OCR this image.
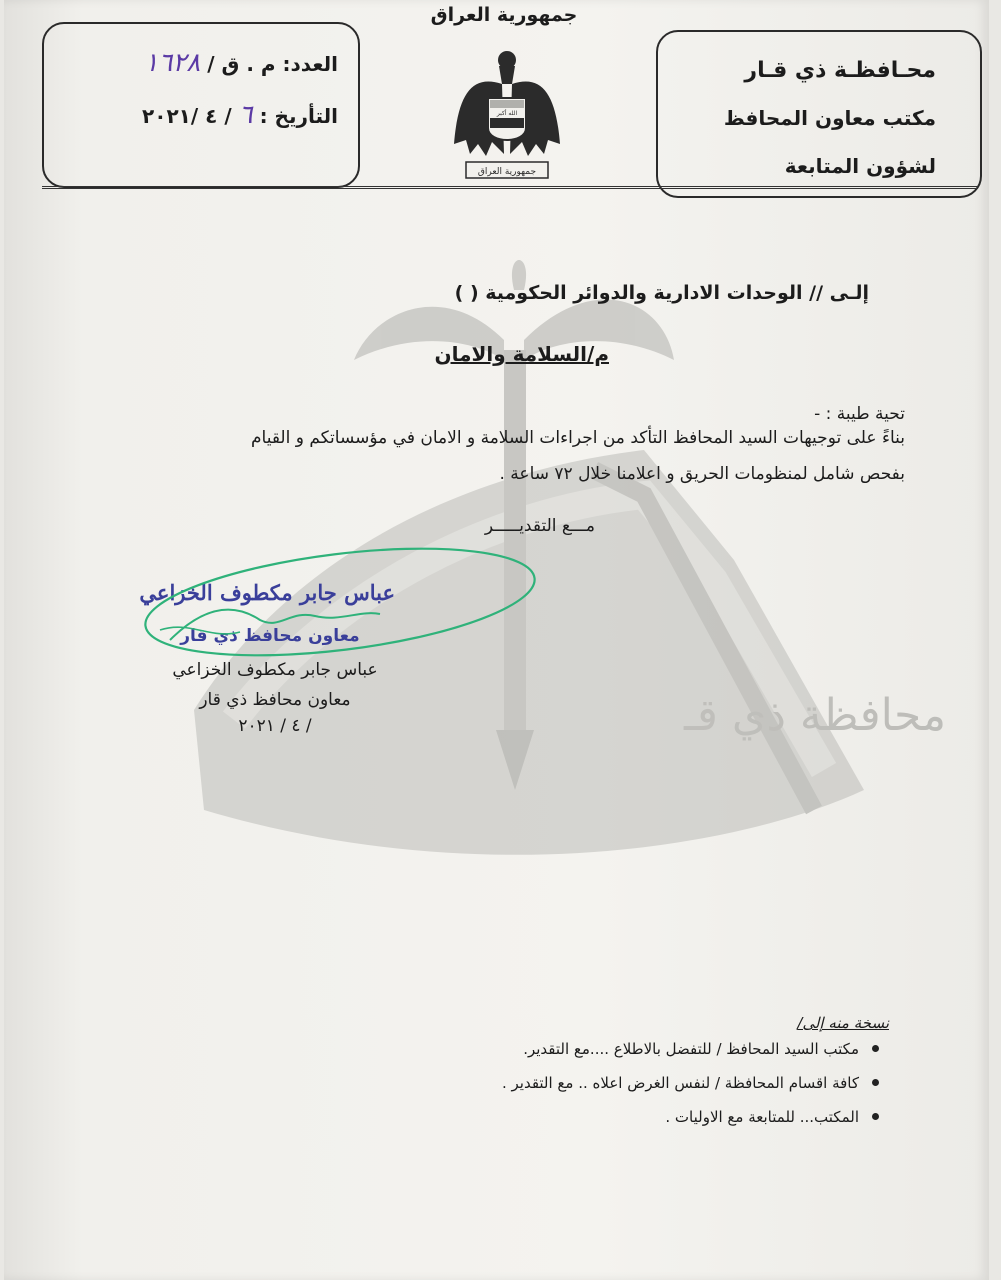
محافظة ذي قـ
جمهورية العراق
محـافظـة ذي قـار
مكتب معاون المحافظ
لشؤون المتابعة
الله أكبر
جمهورية العراق
العدد: م . ق / ١٦٢٨
التأريخ : ٦ / ٤ /٢٠٢١
إلـى // الوحدات الادارية والدوائر الحكومية ( )
م/السلامة والامان
تحية طيبة : -
بناءً على توجيهات السيد المحافظ التأكد من اجراءات السلامة و الامان في مؤسساتكم و القيام
بفحص شامل لمنظومات الحريق و اعلامنا خلال ٧٢ ساعة .
مـــع التقديـــــر
عباس جابر مكطوف الخزاعي
معاون محافظ ذي قار
عباس جابر مكطوف الخزاعي
معاون محافظ ذي قار
/ ٤ / ٢٠٢١
نسخة منه إلى/
مكتب السيد المحافظ / للتفضل بالاطلاع ....مع التقدير.
كافة اقسام المحافظة / لنفس الغرض اعلاه .. مع التقدير .
المكتب... للمتابعة مع الاوليات .
